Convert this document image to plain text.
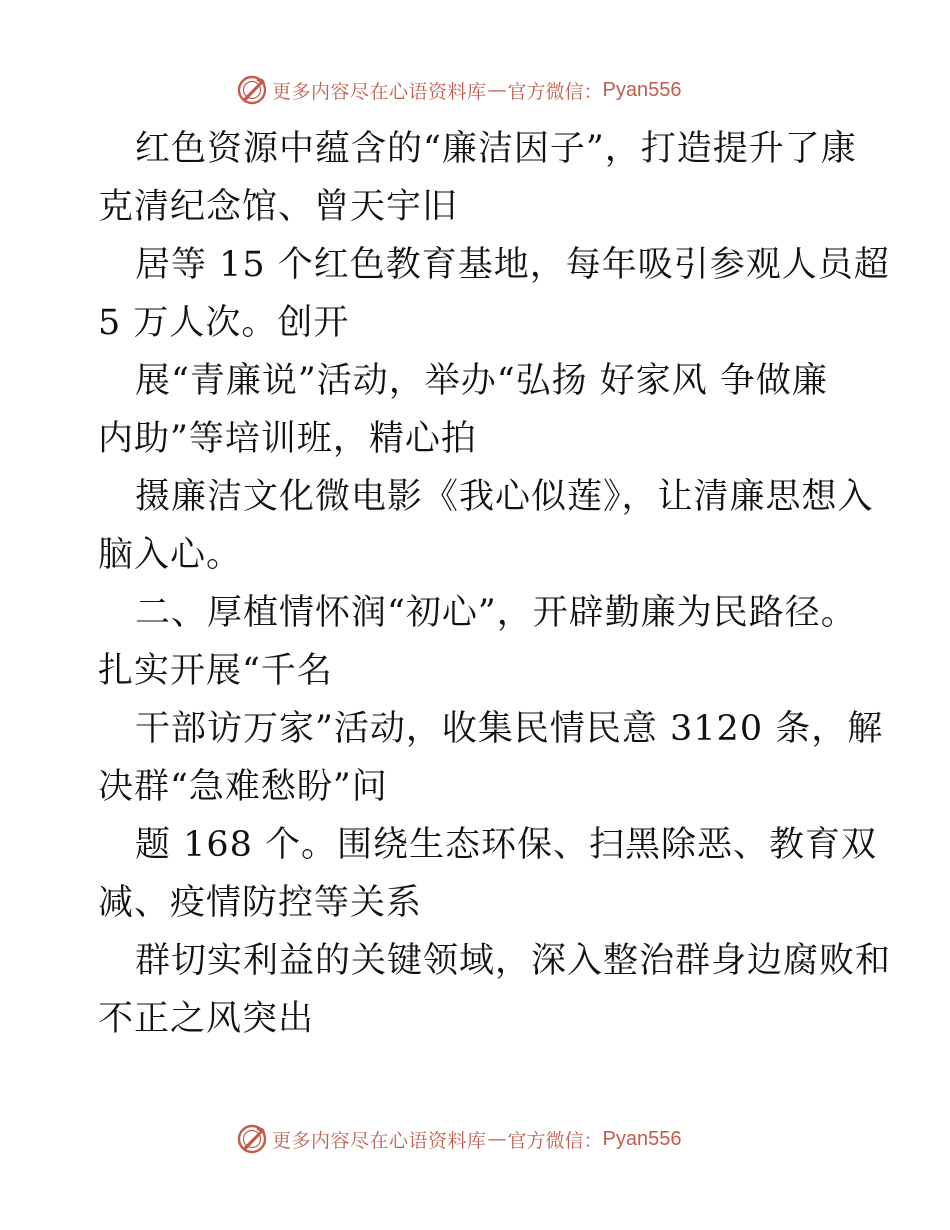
更多内容尽在心语资料库 — 官方微信： Pyan556
红色资源中蕴含的“廉洁因子”，打造提升了康
克清纪念馆、曾天宇旧
居等 15 个红色教育基地，每年吸引参观人员超
5 万人次。创开
展“青廉说”活动，举办“弘扬 好家风 争做廉
内助”等培训班，精心拍
摄廉洁文化微电影《我心似莲》，让清廉思想入
脑入心。
二、厚植情怀润“初心”，开辟勤廉为民路径。
扎实开展“千名
干部访万家”活动，收集民情民意 3120 条，解
决群“急难愁盼”问
题 168 个。围绕生态环保、扫黑除恶、教育双
减、疫情防控等关系
群切实利益的关键领域，深入整治群身边腐败和
不正之风突出
更多内容尽在心语资料库 — 官方微信： Pyan556
